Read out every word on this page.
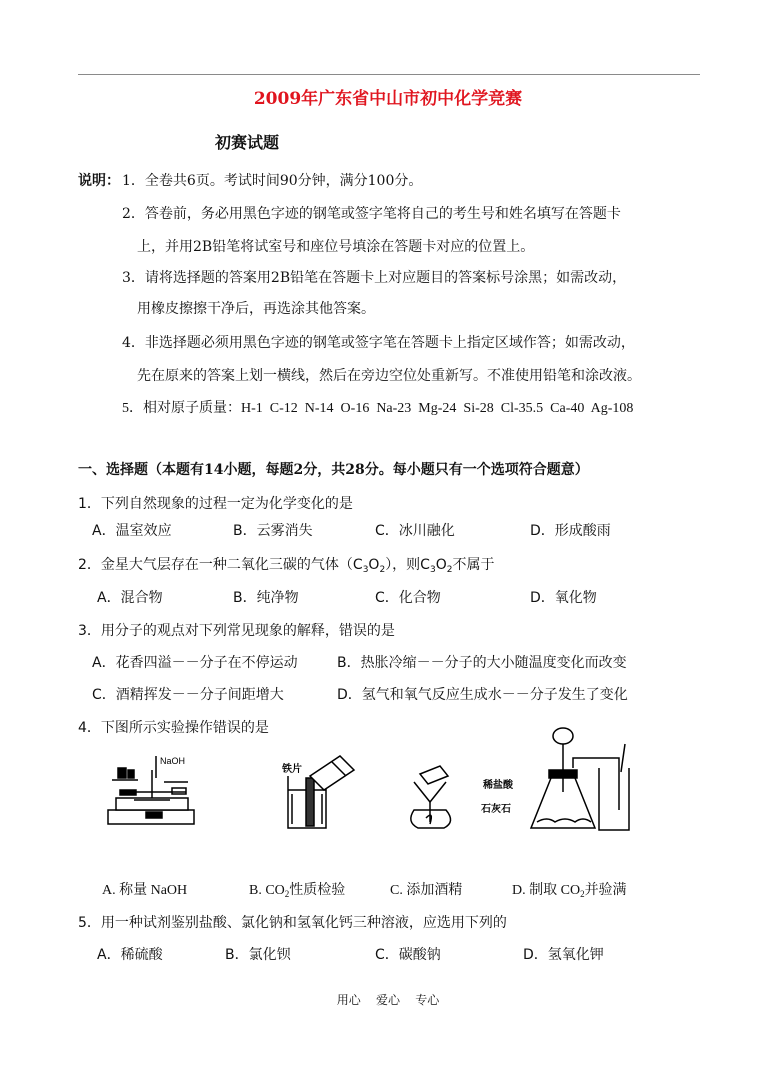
2009年广东省中山市初中化学竞赛
初赛试题
说明： 1．全卷共6页。考试时间90分钟，满分100分。
2．答卷前，务必用黑色字迹的钢笔或签字笔将自己的考生号和姓名填写在答题卡
上，并用2B铅笔将试室号和座位号填涂在答题卡对应的位置上。
3．请将选择题的答案用2B铅笔在答题卡上对应题目的答案标号涂黑；如需改动，
用橡皮擦擦干净后，再选涂其他答案。
4．非选择题必须用黑色字迹的钢笔或签字笔在答题卡上指定区域作答；如需改动，
先在原来的答案上划一横线，然后在旁边空位处重新写。不准使用铅笔和涂改液。
5．相对原子质量：H-1  C-12  N-14  O-16  Na-23  Mg-24  Si-28  Cl-35.5  Ca-40  Ag-108
一、选择题（本题有14小题，每题2分，共28分。每小题只有一个选项符合题意）
1．下列自然现象的过程一定为化学变化的是
A．温室效应	B．云雾消失	C．冰川融化	D．形成酸雨
2．金星大气层存在一种二氧化三碳的气体$(C_3O_2)$，则$C_3O_2$不属于
A．混合物	B．纯净物	C．化合物	D．氧化物
3．用分子的观点对下列常见现象的解释，错误的是
A．花香四溢－－分子在不停运动	B．热胀冷缩－－分子的大小随温度变化而改变
C．酒精挥发－－分子间距增大	D．氢气和氧气反应生成水－－分子发生了变化
4．下图所示实验操作错误的是
NaOH
铁片
稀盐酸
石灰石
A. 称量 NaOH	B. $CO_2$性质检验	C. 添加酒精	D. 制取 $CO_2$并验满
5．用一种试剂鉴别盐酸、氯化钠和氢氧化钙三种溶液，应选用下列的
A．稀硫酸	B．氯化钡	C．碳酸钠	D．氢氧化钾
用心    爱心    专心
